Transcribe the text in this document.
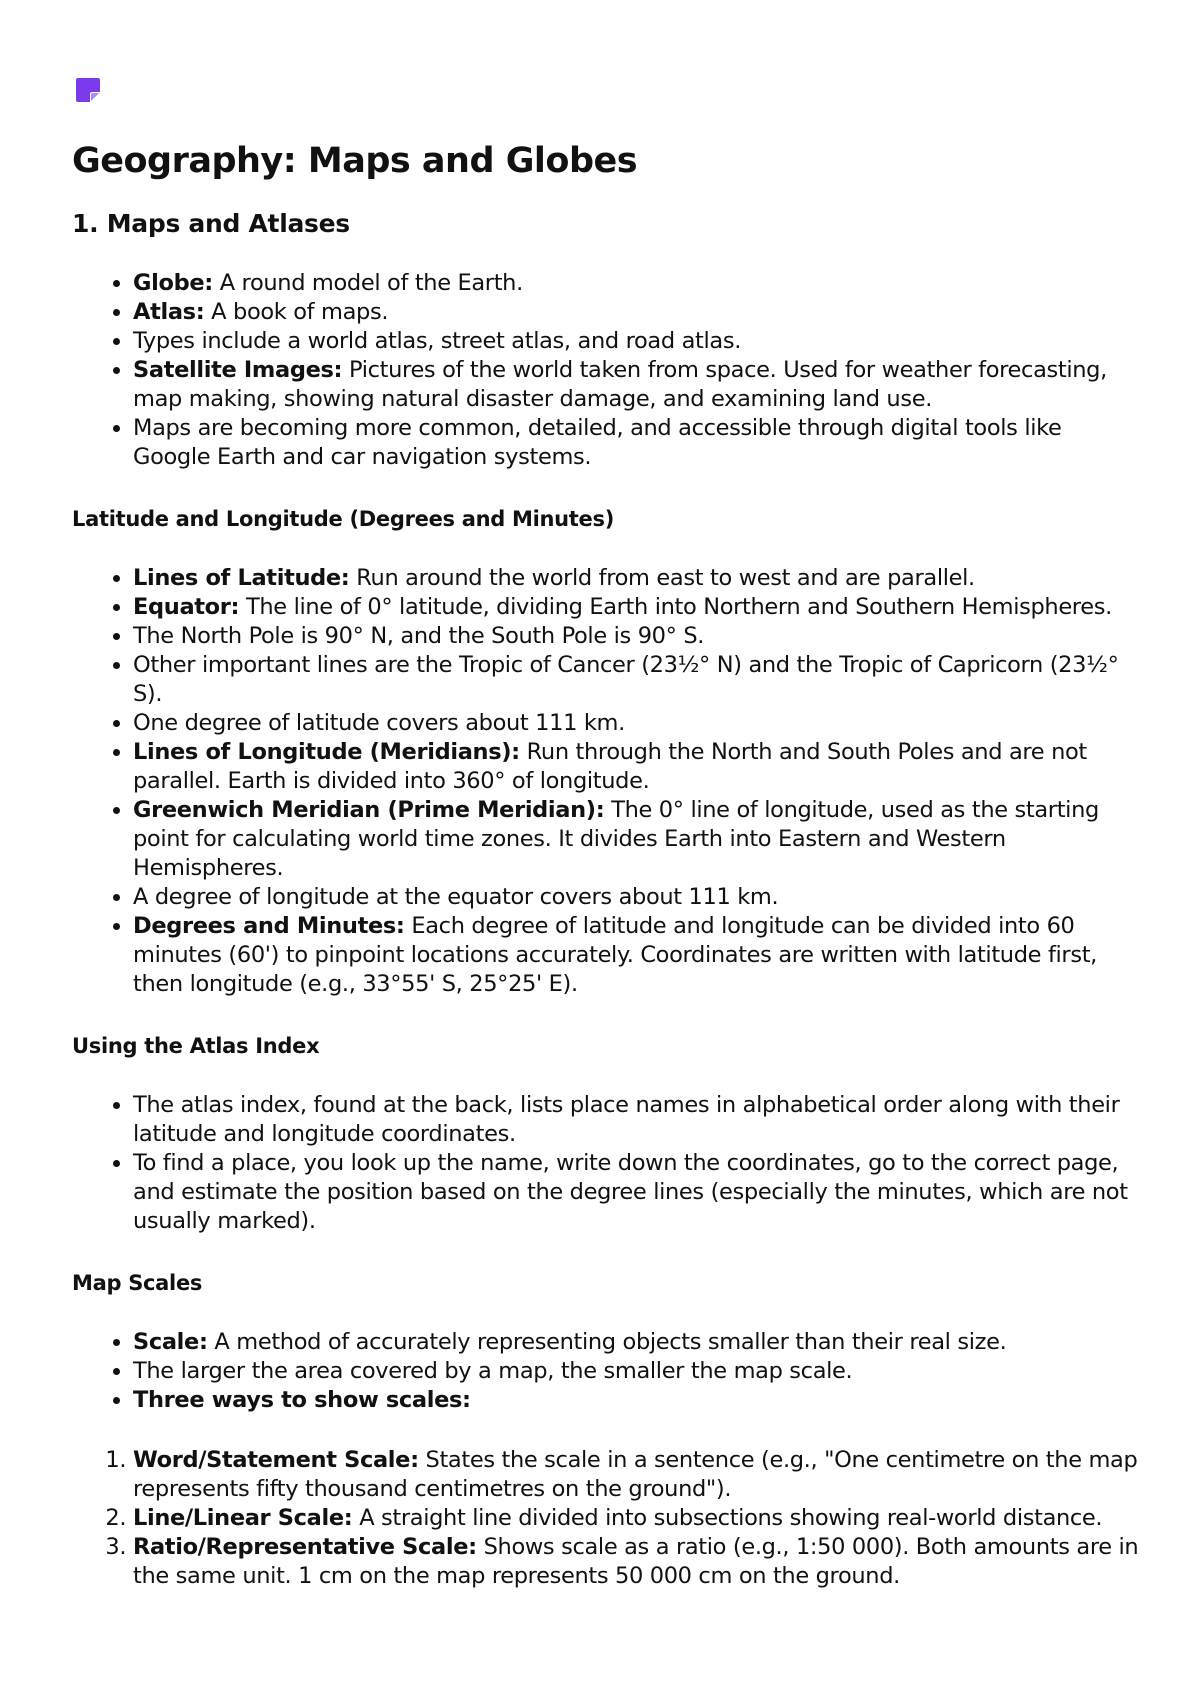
Geography: Maps and Globes
1. Maps and Atlases
• Globe: A round model of the Earth.
• Atlas: A book of maps.
• Types include a world atlas, street atlas, and road atlas.
• Satellite Images: Pictures of the world taken from space. Used for weather forecasting, map making, showing natural disaster damage, and examining land use.
• Maps are becoming more common, detailed, and accessible through digital tools like Google Earth and car navigation systems.
Latitude and Longitude (Degrees and Minutes)
• Lines of Latitude: Run around the world from east to west and are parallel.
• Equator: The line of 0° latitude, dividing Earth into Northern and Southern Hemispheres.
• The North Pole is 90° N, and the South Pole is 90° S.
• Other important lines are the Tropic of Cancer (23½° N) and the Tropic of Capricorn (23½° S).
• One degree of latitude covers about 111 km.
• Lines of Longitude (Meridians): Run through the North and South Poles and are not parallel. Earth is divided into 360° of longitude.
• Greenwich Meridian (Prime Meridian): The 0° line of longitude, used as the starting point for calculating world time zones. It divides Earth into Eastern and Western Hemispheres.
• A degree of longitude at the equator covers about 111 km.
• Degrees and Minutes: Each degree of latitude and longitude can be divided into 60 minutes (60') to pinpoint locations accurately. Coordinates are written with latitude first, then longitude (e.g., 33°55' S, 25°25' E).
Using the Atlas Index
• The atlas index, found at the back, lists place names in alphabetical order along with their latitude and longitude coordinates.
• To find a place, you look up the name, write down the coordinates, go to the correct page, and estimate the position based on the degree lines (especially the minutes, which are not usually marked).
Map Scales
• Scale: A method of accurately representing objects smaller than their real size.
• The larger the area covered by a map, the smaller the map scale.
• Three ways to show scales:
1. Word/Statement Scale: States the scale in a sentence (e.g., "One centimetre on the map represents fifty thousand centimetres on the ground").
2. Line/Linear Scale: A straight line divided into subsections showing real-world distance.
3. Ratio/Representative Scale: Shows scale as a ratio (e.g., 1:50 000). Both amounts are in the same unit. 1 cm on the map represents 50 000 cm on the ground.
